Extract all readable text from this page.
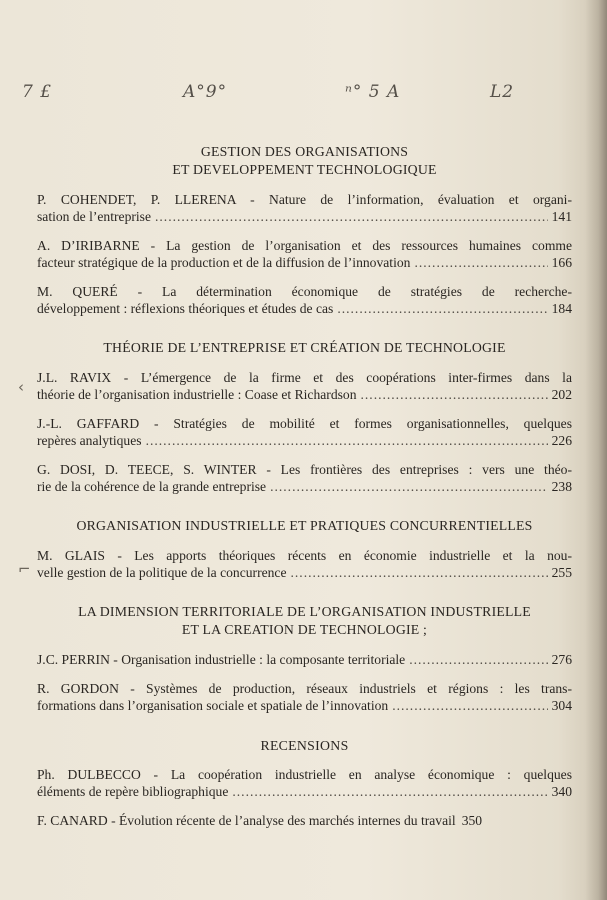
7 £	A°9°	ⁿ° 5 A	L2
‹
⌐
GESTION DES ORGANISATIONS
ET DEVELOPPEMENT TECHNOLOGIQUE
P. COHENDET, P. LLERENA - Nature de l’information, évaluation et organi-
sation de l’entreprise . . .	141
A. D’IRIBARNE - La gestion de l’organisation et des ressources humaines comme
facteur stratégique de la production et de la diffusion de l’innovation . . .	166
M. QUERÉ - La détermination économique de stratégies de recherche-
développement : réflexions théoriques et études de cas . . .	184
THÉORIE DE L’ENTREPRISE ET CRÉATION DE TECHNOLOGIE
J.L. RAVIX - L’émergence de la firme et des coopérations inter-firmes dans la
théorie de l’organisation industrielle : Coase et Richardson . . .	202
J.-L. GAFFARD - Stratégies de mobilité et formes organisationnelles, quelques
repères analytiques . . .	226
G. DOSI, D. TEECE, S. WINTER - Les frontières des entreprises : vers une théo-
rie de la cohérence de la grande entreprise . . .	238
ORGANISATION INDUSTRIELLE ET PRATIQUES CONCURRENTIELLES
M. GLAIS - Les apports théoriques récents en économie industrielle et la nou-
velle gestion de la politique de la concurrence . . .	255
LA DIMENSION TERRITORIALE DE L’ORGANISATION INDUSTRIELLE
ET LA CREATION DE TECHNOLOGIE ;
J.C. PERRIN - Organisation industrielle : la composante territoriale . . .	276
R. GORDON - Systèmes de production, réseaux industriels et régions : les trans-
formations dans l’organisation sociale et spatiale de l’innovation . . .	304
RECENSIONS
Ph. DULBECCO - La coopération industrielle en analyse économique : quelques
éléments de repère bibliographique . . .	340
F. CANARD - Évolution récente de l’analyse des marchés internes du travail 350
